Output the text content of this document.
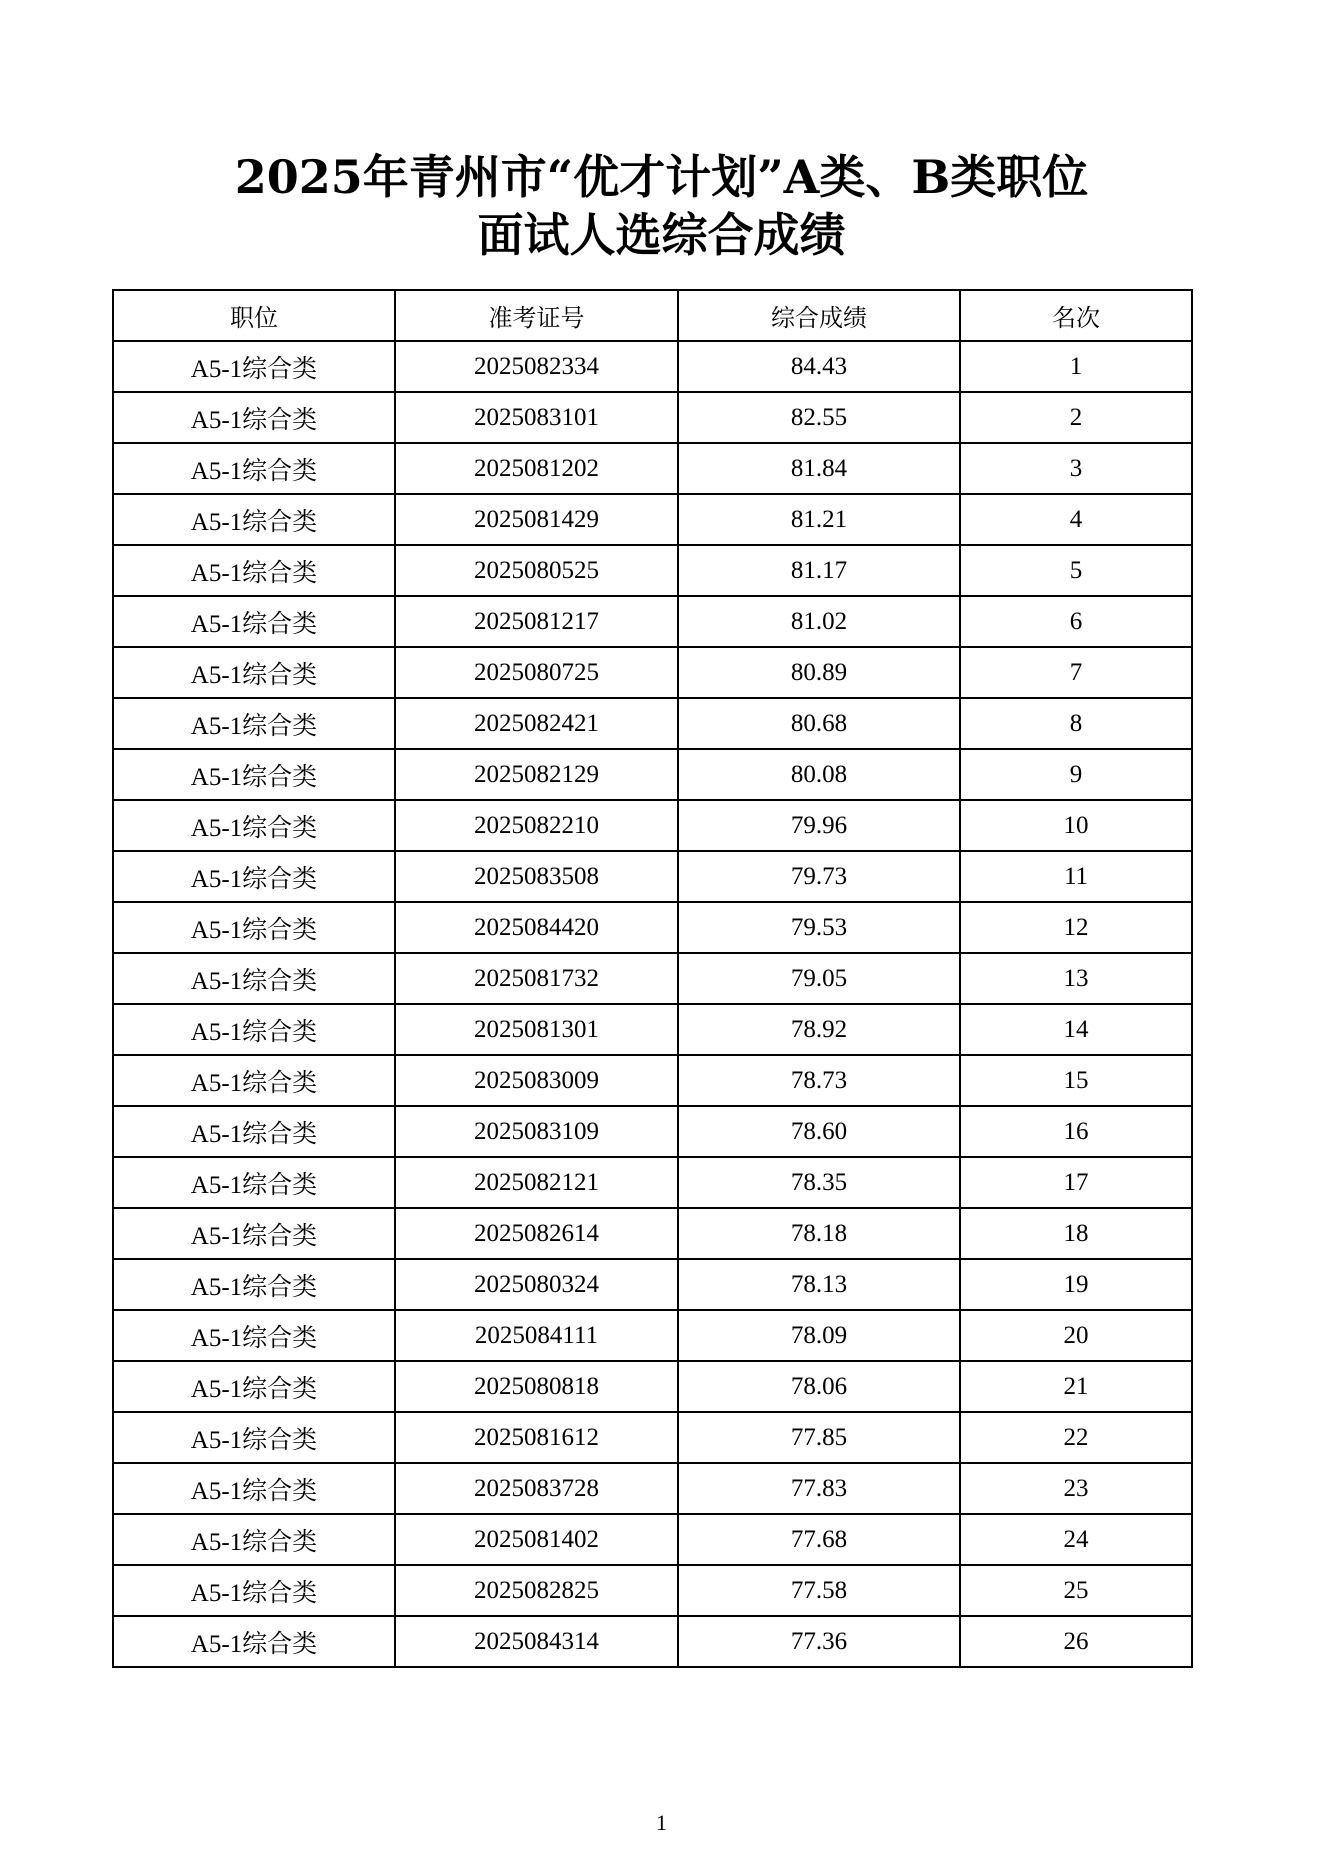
2025年青州市“优才计划”A类、B类职位
面试人选综合成绩
职位	准考证号	综合成绩	名次
A5-1综合类	2025082334	84.43	1
A5-1综合类	2025083101	82.55	2
A5-1综合类	2025081202	81.84	3
A5-1综合类	2025081429	81.21	4
A5-1综合类	2025080525	81.17	5
A5-1综合类	2025081217	81.02	6
A5-1综合类	2025080725	80.89	7
A5-1综合类	2025082421	80.68	8
A5-1综合类	2025082129	80.08	9
A5-1综合类	2025082210	79.96	10
A5-1综合类	2025083508	79.73	11
A5-1综合类	2025084420	79.53	12
A5-1综合类	2025081732	79.05	13
A5-1综合类	2025081301	78.92	14
A5-1综合类	2025083009	78.73	15
A5-1综合类	2025083109	78.60	16
A5-1综合类	2025082121	78.35	17
A5-1综合类	2025082614	78.18	18
A5-1综合类	2025080324	78.13	19
A5-1综合类	2025084111	78.09	20
A5-1综合类	2025080818	78.06	21
A5-1综合类	2025081612	77.85	22
A5-1综合类	2025083728	77.83	23
A5-1综合类	2025081402	77.68	24
A5-1综合类	2025082825	77.58	25
A5-1综合类	2025084314	77.36	26
1
